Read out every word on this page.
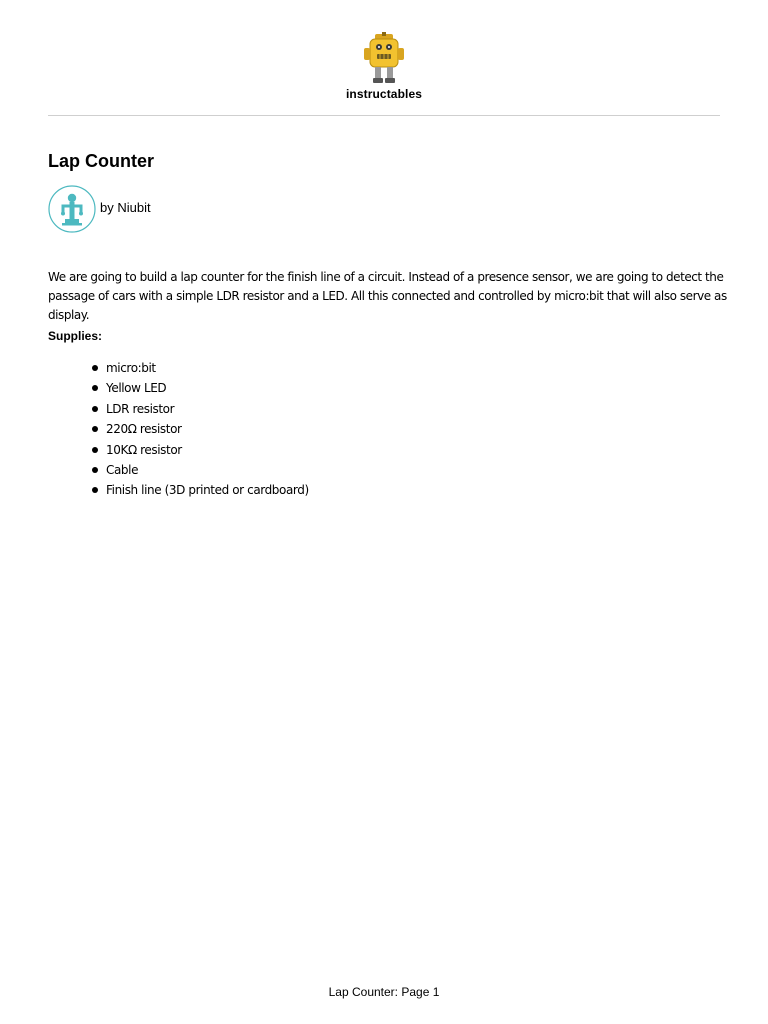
instructables
Lap Counter
by Niubit

We are going to build a lap counter for the finish line of a circuit. Instead of a presence sensor, we are going to detect the passage of cars with a simple LDR resistor and a LED. All this connected and controlled by micro:bit that will also serve as display.

Supplies:
micro:bit
Yellow LED
LDR resistor
220Ω resistor
10KΩ resistor
Cable
Finish line (3D printed or cardboard)
Lap Counter: Page 1
